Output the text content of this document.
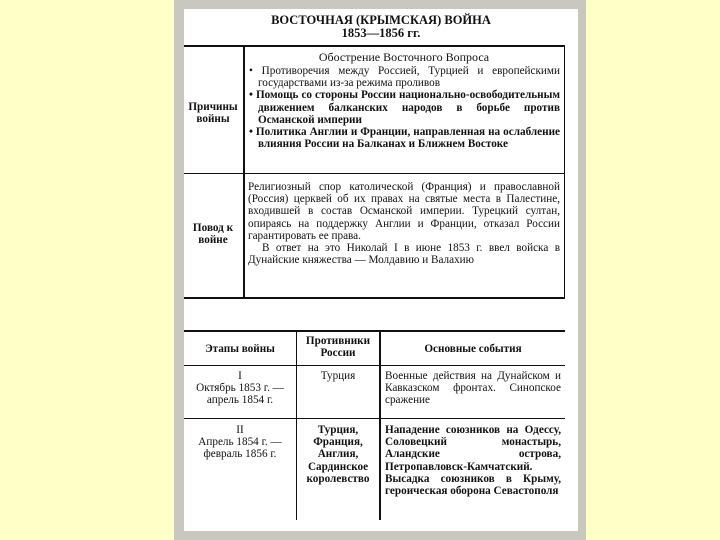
ВОСТОЧНАЯ (КРЫМСКАЯ) ВОЙНА
1853—1856 гг.
Причины войны
Обострение Восточного Вопроса
• Противоречия между Россией, Турцией и европейскими государствами из-за режима проливов
• Помощь со стороны России национально-освободительным движением балканских народов в борьбе против Османской империи
• Политика Англии и Франции, направленная на ослабление влияния России на Балканах и Ближнем Востоке
Повод к войне
Религиозный спор католической (Франция) и православной (Россия) церквей об их правах на святые места в Палестине, входившей в состав Османской империи. Турецкий султан, опираясь на поддержку Англии и Франции, отказал России гарантировать ее права.
В ответ на это Николай I в июне 1853 г. ввел войска в Дунайские княжества — Молдавию и Валахию
Этапы войны
Противники России	Основные события
I
Октябрь 1853 г. — апрель 1854 г.
Турция	Военные действия на Дунайском и Кавказском фронтах. Синопское сражение
II
Апрель 1854 г. — февраль 1856 г.
Турция, Франция, Англия, Сардинское королевство
Нападение союзников на Одессу, Соловецкий монастырь, Аландские острова, Петропавловск-Камчатский. Высадка союзников в Крыму, героическая оборона Севастополя
